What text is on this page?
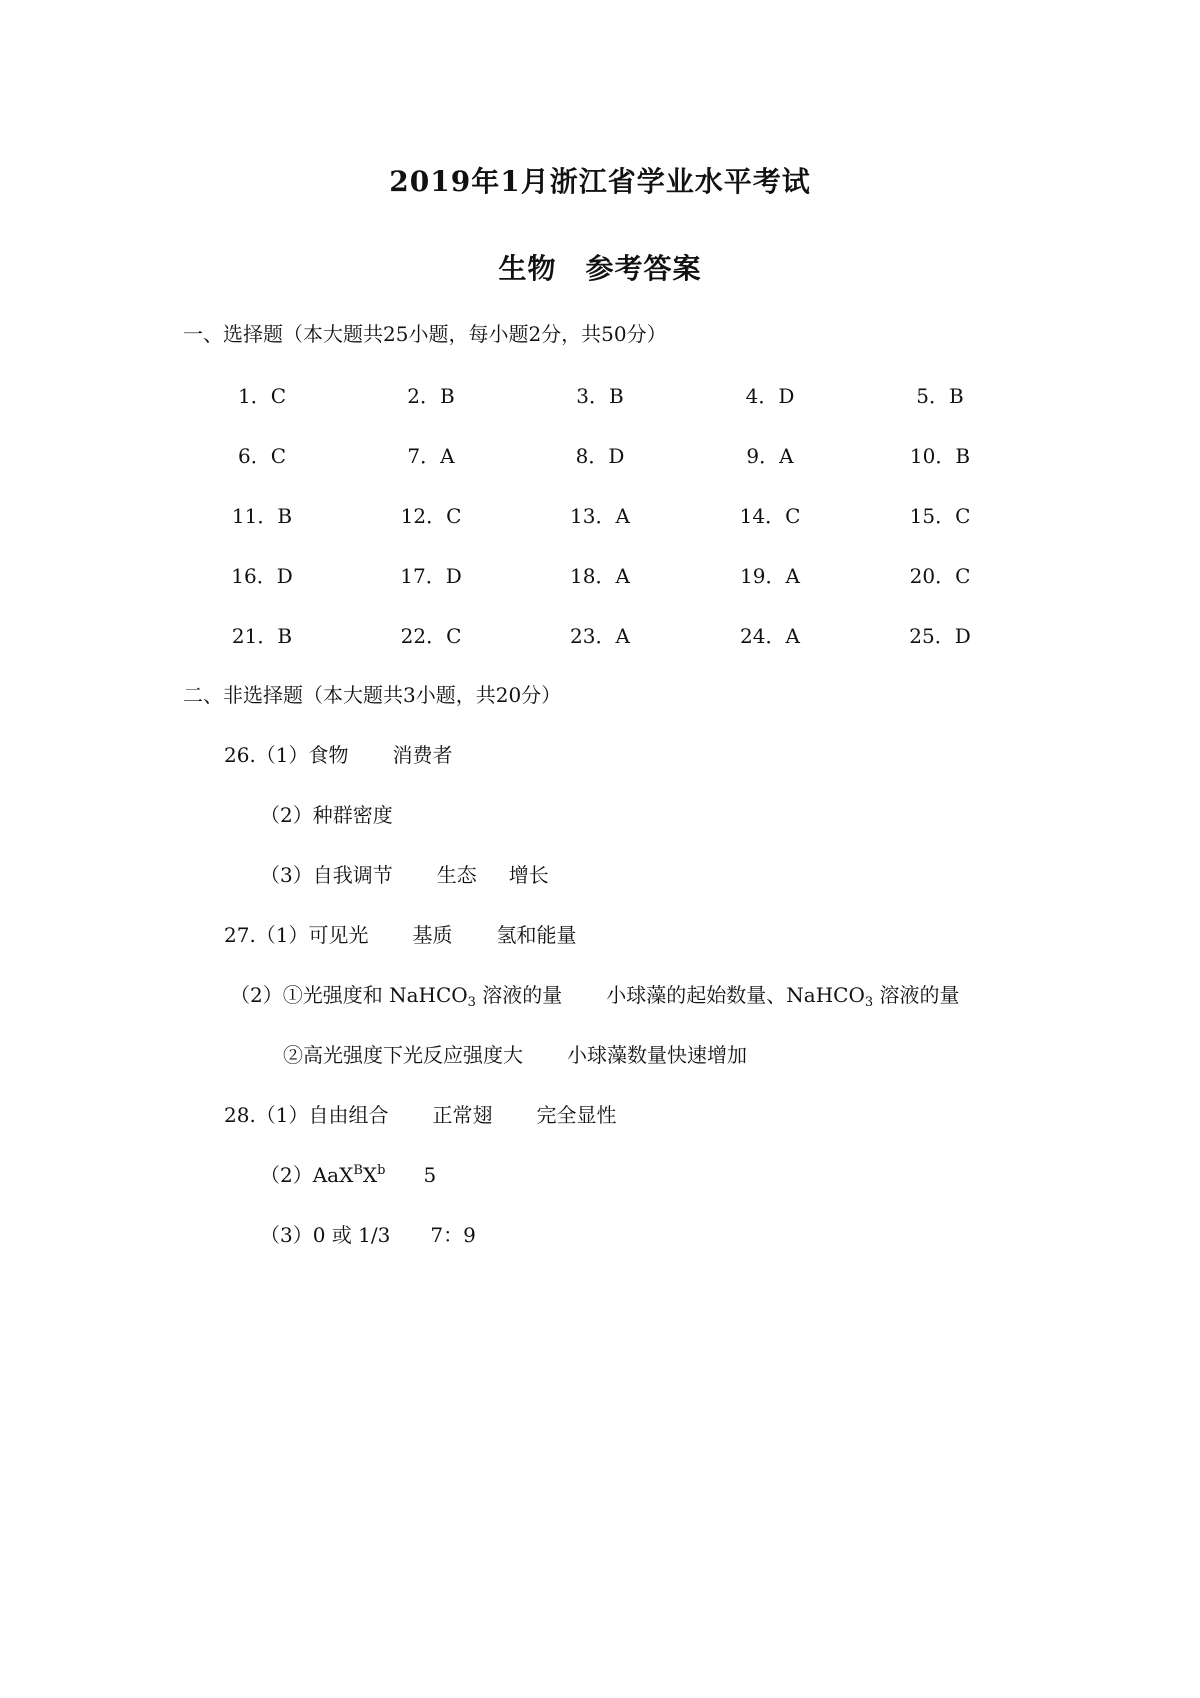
2019年1月浙江省学业水平考试
生物　参考答案
一、选择题（本大题共25小题，每小题2分，共50分）
1．C	2．B	3．B	4．D	5．B
6．C	7．A	8．D	9．A	10．B
11．B	12．C	13．A	14．C	15．C
16．D	17．D	18．A	19．A	20．C
21．B	22．C	23．A	24．A	25．D
二、非选择题（本大题共3小题，共20分）
26.（1）食物 消费者
（2）种群密度
（3）自我调节 生态 增长
27.（1）可见光 基质 氢和能量
（2）①光强度和 NaHCO$_3$ 溶液的量 小球藻的起始数量、NaHCO$_3$ 溶液的量
②高光强度下光反应强度大 小球藻数量快速增加
28.（1）自由组合 正常翅 完全显性
$(2)AaX^BX^b$ 5
（3）0 或 1/3 7：9
